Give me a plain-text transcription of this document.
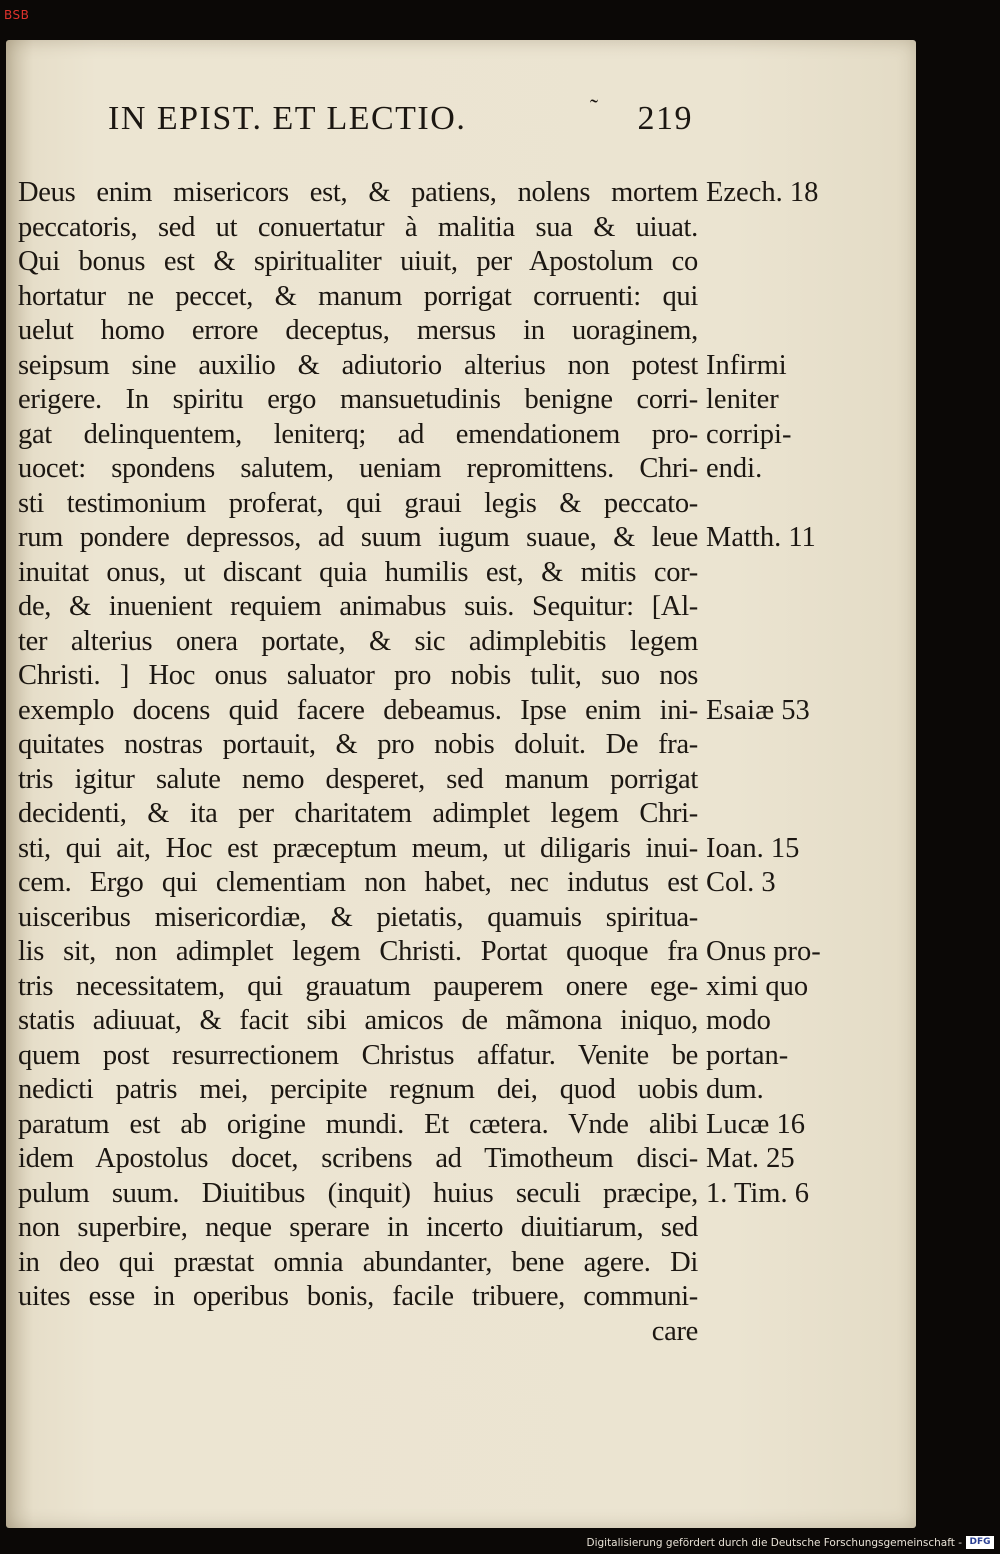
BSB
IN EPIST. ET LECTIO.	˜ 219
Deus enim misericors est, & patiens, nolens mortem
peccatoris, sed ut conuertatur à malitia sua & uiuat.
Qui bonus est & spiritualiter uiuit, per Apostolum co
hortatur ne peccet, & manum porrigat corruenti: qui
uelut homo errore deceptus, mersus in uoraginem,
seipsum sine auxilio & adiutorio alterius non potest
erigere. In spiritu ergo mansuetudinis benigne corri-
gat delinquentem, leniterq; ad emendationem pro-
uocet: spondens salutem, ueniam repromittens. Chri-
sti testimonium proferat, qui graui legis & peccato-
rum pondere depressos, ad suum iugum suaue, & leue
inuitat onus, ut discant quia humilis est, & mitis cor-
de, & inuenient requiem animabus suis. Sequitur: [Al-
ter alterius onera portate, & sic adimplebitis legem
Christi. ] Hoc onus saluator pro nobis tulit, suo nos
exemplo docens quid facere debeamus. Ipse enim ini-
quitates nostras portauit, & pro nobis doluit. De fra-
tris igitur salute nemo desperet, sed manum porrigat
decidenti, & ita per charitatem adimplet legem Chri-
sti, qui ait, Hoc est præceptum meum, ut diligaris inui-
cem. Ergo qui clementiam non habet, nec indutus est
uisceribus misericordiæ, & pietatis, quamuis spiritua-
lis sit, non adimplet legem Christi. Portat quoque fra
tris necessitatem, qui grauatum pauperem onere ege-
statis adiuuat, & facit sibi amicos de mãmona iniquo,
quem post resurrectionem Christus affatur. Venite be
nedicti patris mei, percipite regnum dei, quod uobis
paratum est ab origine mundi. Et cætera. Vnde alibi
idem Apostolus docet, scribens ad Timotheum disci-
pulum suum. Diuitibus (inquit) huius seculi præcipe,
non superbire, neque sperare in incerto diuitiarum, sed
in deo qui præstat omnia abundanter, bene agere. Di
uites esse in operibus bonis, facile tribuere, communi-
care
Ezech. 18
Infirmi
leniter
corripi-
endi.
Matth. 11
Esaiæ 53
Ioan. 15
Col. 3
Onus pro-
ximi quo
modo
portan-
dum.
Lucæ 16
Mat. 25
1. Tim. 6
Digitalisierung gefördert durch die Deutsche Forschungsgemeinschaft - DFG
